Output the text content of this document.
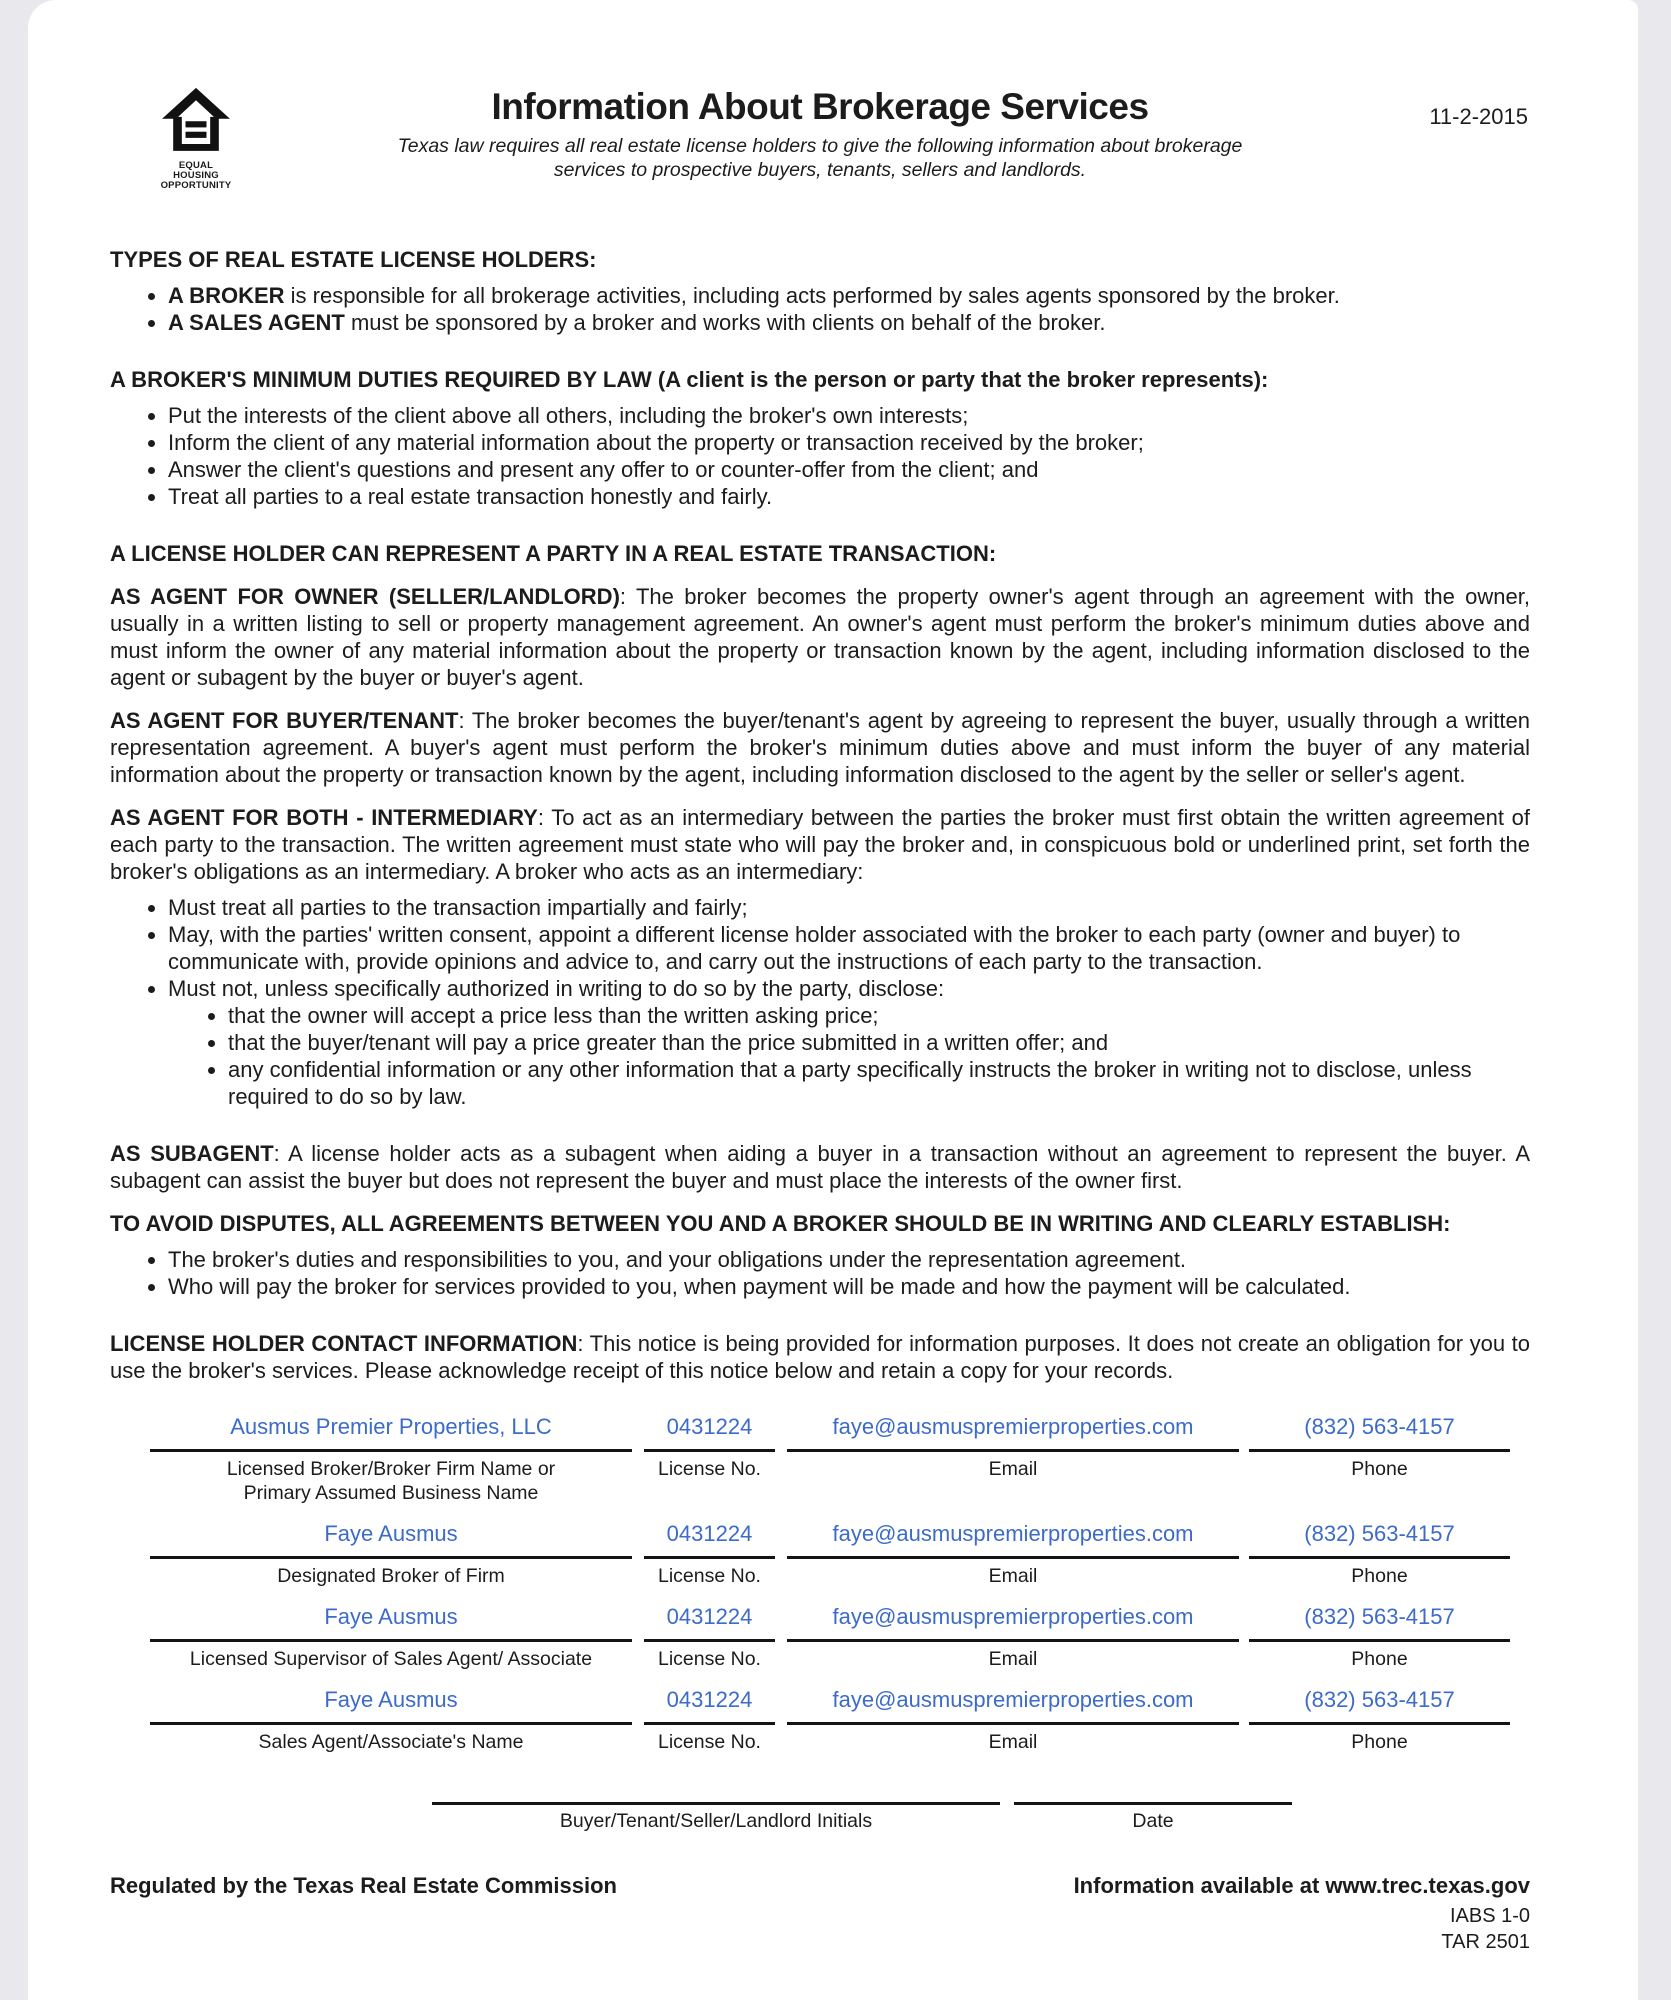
EQUAL HOUSING
OPPORTUNITY
Information About Brokerage Services
Texas law requires all real estate license holders to give the following information about brokerage services to prospective buyers, tenants, sellers and landlords.
11-2-2015
TYPES OF REAL ESTATE LICENSE HOLDERS:
• A BROKER is responsible for all brokerage activities, including acts performed by sales agents sponsored by the broker.
• A SALES AGENT must be sponsored by a broker and works with clients on behalf of the broker.
A BROKER'S MINIMUM DUTIES REQUIRED BY LAW (A client is the person or party that the broker represents):
• Put the interests of the client above all others, including the broker's own interests;
• Inform the client of any material information about the property or transaction received by the broker;
• Answer the client's questions and present any offer to or counter-offer from the client; and
• Treat all parties to a real estate transaction honestly and fairly.
A LICENSE HOLDER CAN REPRESENT A PARTY IN A REAL ESTATE TRANSACTION:

AS AGENT FOR OWNER (SELLER/LANDLORD): The broker becomes the property owner's agent through an agreement with the owner, usually in a written listing to sell or property management agreement. An owner's agent must perform the broker's minimum duties above and must inform the owner of any material information about the property or transaction known by the agent, including information disclosed to the agent or subagent by the buyer or buyer's agent.

AS AGENT FOR BUYER/TENANT: The broker becomes the buyer/tenant's agent by agreeing to represent the buyer, usually through a written representation agreement. A buyer's agent must perform the broker's minimum duties above and must inform the buyer of any material information about the property or transaction known by the agent, including information disclosed to the agent by the seller or seller's agent.

AS AGENT FOR BOTH - INTERMEDIARY: To act as an intermediary between the parties the broker must first obtain the written agreement of each party to the transaction. The written agreement must state who will pay the broker and, in conspicuous bold or underlined print, set forth the broker's obligations as an intermediary. A broker who acts as an intermediary:

• Must treat all parties to the transaction impartially and fairly;
• May, with the parties' written consent, appoint a different license holder associated with the broker to each party (owner and buyer) to communicate with, provide opinions and advice to, and carry out the instructions of each party to the transaction.
• Must not, unless specifically authorized in writing to do so by the party, disclose:
• that the owner will accept a price less than the written asking price;
• that the buyer/tenant will pay a price greater than the price submitted in a written offer; and
• any confidential information or any other information that a party specifically instructs the broker in writing not to disclose, unless required to do so by law.

AS SUBAGENT: A license holder acts as a subagent when aiding a buyer in a transaction without an agreement to represent the buyer. A subagent can assist the buyer but does not represent the buyer and must place the interests of the owner first.

TO AVOID DISPUTES, ALL AGREEMENTS BETWEEN YOU AND A BROKER SHOULD BE IN WRITING AND CLEARLY ESTABLISH:
• The broker's duties and responsibilities to you, and your obligations under the representation agreement.
• Who will pay the broker for services provided to you, when payment will be made and how the payment will be calculated.

LICENSE HOLDER CONTACT INFORMATION: This notice is being provided for information purposes. It does not create an obligation for you to use the broker's services. Please acknowledge receipt of this notice below and retain a copy for your records.

Ausmus Premier Properties, LLC	0431224	faye@ausmuspremierproperties.com	(832) 563-4157
Licensed Broker/Broker Firm Name or Primary Assumed Business Name
License No.	Email	Phone
Faye Ausmus	0431224	faye@ausmuspremierproperties.com	(832) 563-4157
Designated Broker of Firm	License No.	Email	Phone
Faye Ausmus	0431224	faye@ausmuspremierproperties.com	(832) 563-4157
Licensed Supervisor of Sales Agent/ Associate	License No.	Email	Phone
Faye Ausmus	0431224	faye@ausmuspremierproperties.com	(832) 563-4157
Sales Agent/Associate's Name	License No.	Email	Phone
Buyer/Tenant/Seller/Landlord Initials	Date
Regulated by the Texas Real Estate Commission	Information available at www.trec.texas.gov
IABS 1-0
TAR 2501
